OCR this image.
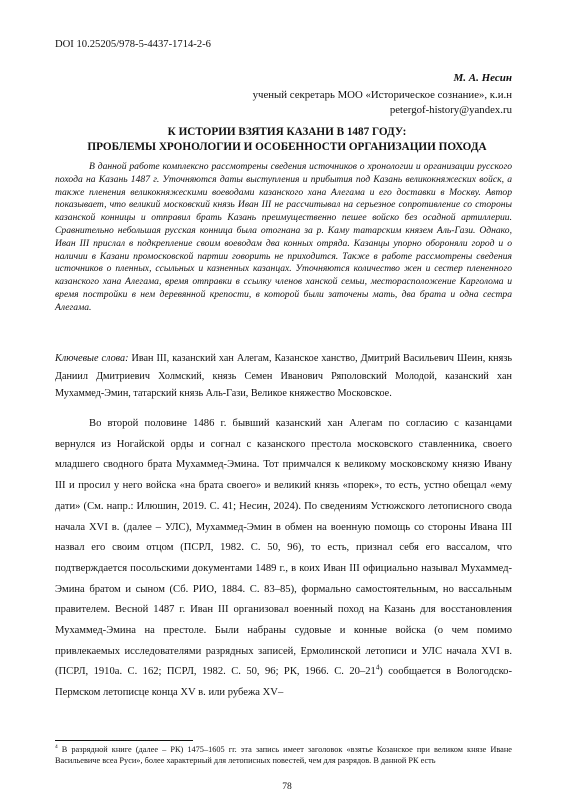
DOI 10.25205/978-5-4437-1714-2-6
М. А. Несин
ученый секретарь МОО «Историческое сознание», к.и.н
petergof-history@yandex.ru
К ИСТОРИИ ВЗЯТИЯ КАЗАНИ В 1487 ГОДУ:
ПРОБЛЕМЫ ХРОНОЛОГИИ И ОСОБЕННОСТИ ОРГАНИЗАЦИИ ПОХОДА
В данной работе комплексно рассмотрены сведения источников о хронологии и организации русского похода на Казань 1487 г. Уточняются даты выступления и прибытия под Казань великокняжеских войск, а также пленения великокняжескими воеводами казанского хана Алегама и его доставки в Москву. Автор показывает, что великий московский князь Иван III не рассчитывал на серьезное сопротивление со стороны казанской конницы и отправил брать Казань преимущественно пешее войско без осадной артиллерии. Сравнительно небольшая русская конница была отогнана за р. Каму татарским князем Аль-Гази. Однако, Иван III прислал в подкрепление своим воеводам два конных отряда. Казанцы упорно обороняли город и о наличии в Казани промосковской партии говорить не приходится. Также в работе рассмотрены сведения источников о пленных, ссыльных и казненных казанцах. Уточняются количество жен и сестер плененного казанского хана Алегама, время отправки в ссылку членов ханской семьи, месторасположение Карголома и время постройки в нем деревянной крепости, в которой были заточены мать, два брата и одна сестра Алегама.
Ключевые слова: Иван III, казанский хан Алегам, Казанское ханство, Дмитрий Васильевич Шеин, князь Даниил Дмитриевич Холмский, князь Семен Иванович Ряполовский Молодой, казанский хан Мухаммед-Эмин, татарский князь Аль-Гази, Великое княжество Московское.
Во второй половине 1486 г. бывший казанский хан Алегам по согласию с казанцами вернулся из Ногайской орды и согнал с казанского престола московского ставленника, своего младшего сводного брата Мухаммед-Эмина. Тот примчался к великому московскому князю Ивану III и просил у него войска «на брата своего» и великий князь «порек», то есть, устно обещал «ему дати» (См. напр.: Илюшин, 2019. С. 41; Несин, 2024). По сведениям Устюжского летописного свода начала XVI в. (далее – УЛС), Мухаммед-Эмин в обмен на военную помощь со стороны Ивана III назвал его своим отцом (ПСРЛ, 1982. С. 50, 96), то есть, признал себя его вассалом, что подтверждается посольскими документами 1489 г., в коих Иван III официально называл Мухаммед-Эмина братом и сыном (Сб. РИО, 1884. С. 83–85), формально самостоятельным, но вассальным правителем. Весной 1487 г. Иван III организовал военный поход на Казань для восстановления Мухаммед-Эмина на престоле. Были набраны судовые и конные войска (о чем помимо привлекаемых исследователями разрядных записей, Ермолинской летописи и УЛС начала XVI в. (ПСРЛ, 1910а. С. 162; ПСРЛ, 1982. С. 50, 96; РК, 1966. С. $20-21^4$) сообщается в Вологодско-Пермском летописце конца XV в. или рубежа XV–
$^4$ В разрядной книге (далее – РК) 1475–1605 гг. эта запись имеет заголовок «взятье Козанское при великом князе Иване Васильевиче всеа Руси», более характерный для летописных повестей, чем для разрядов. В данной РК есть
78
